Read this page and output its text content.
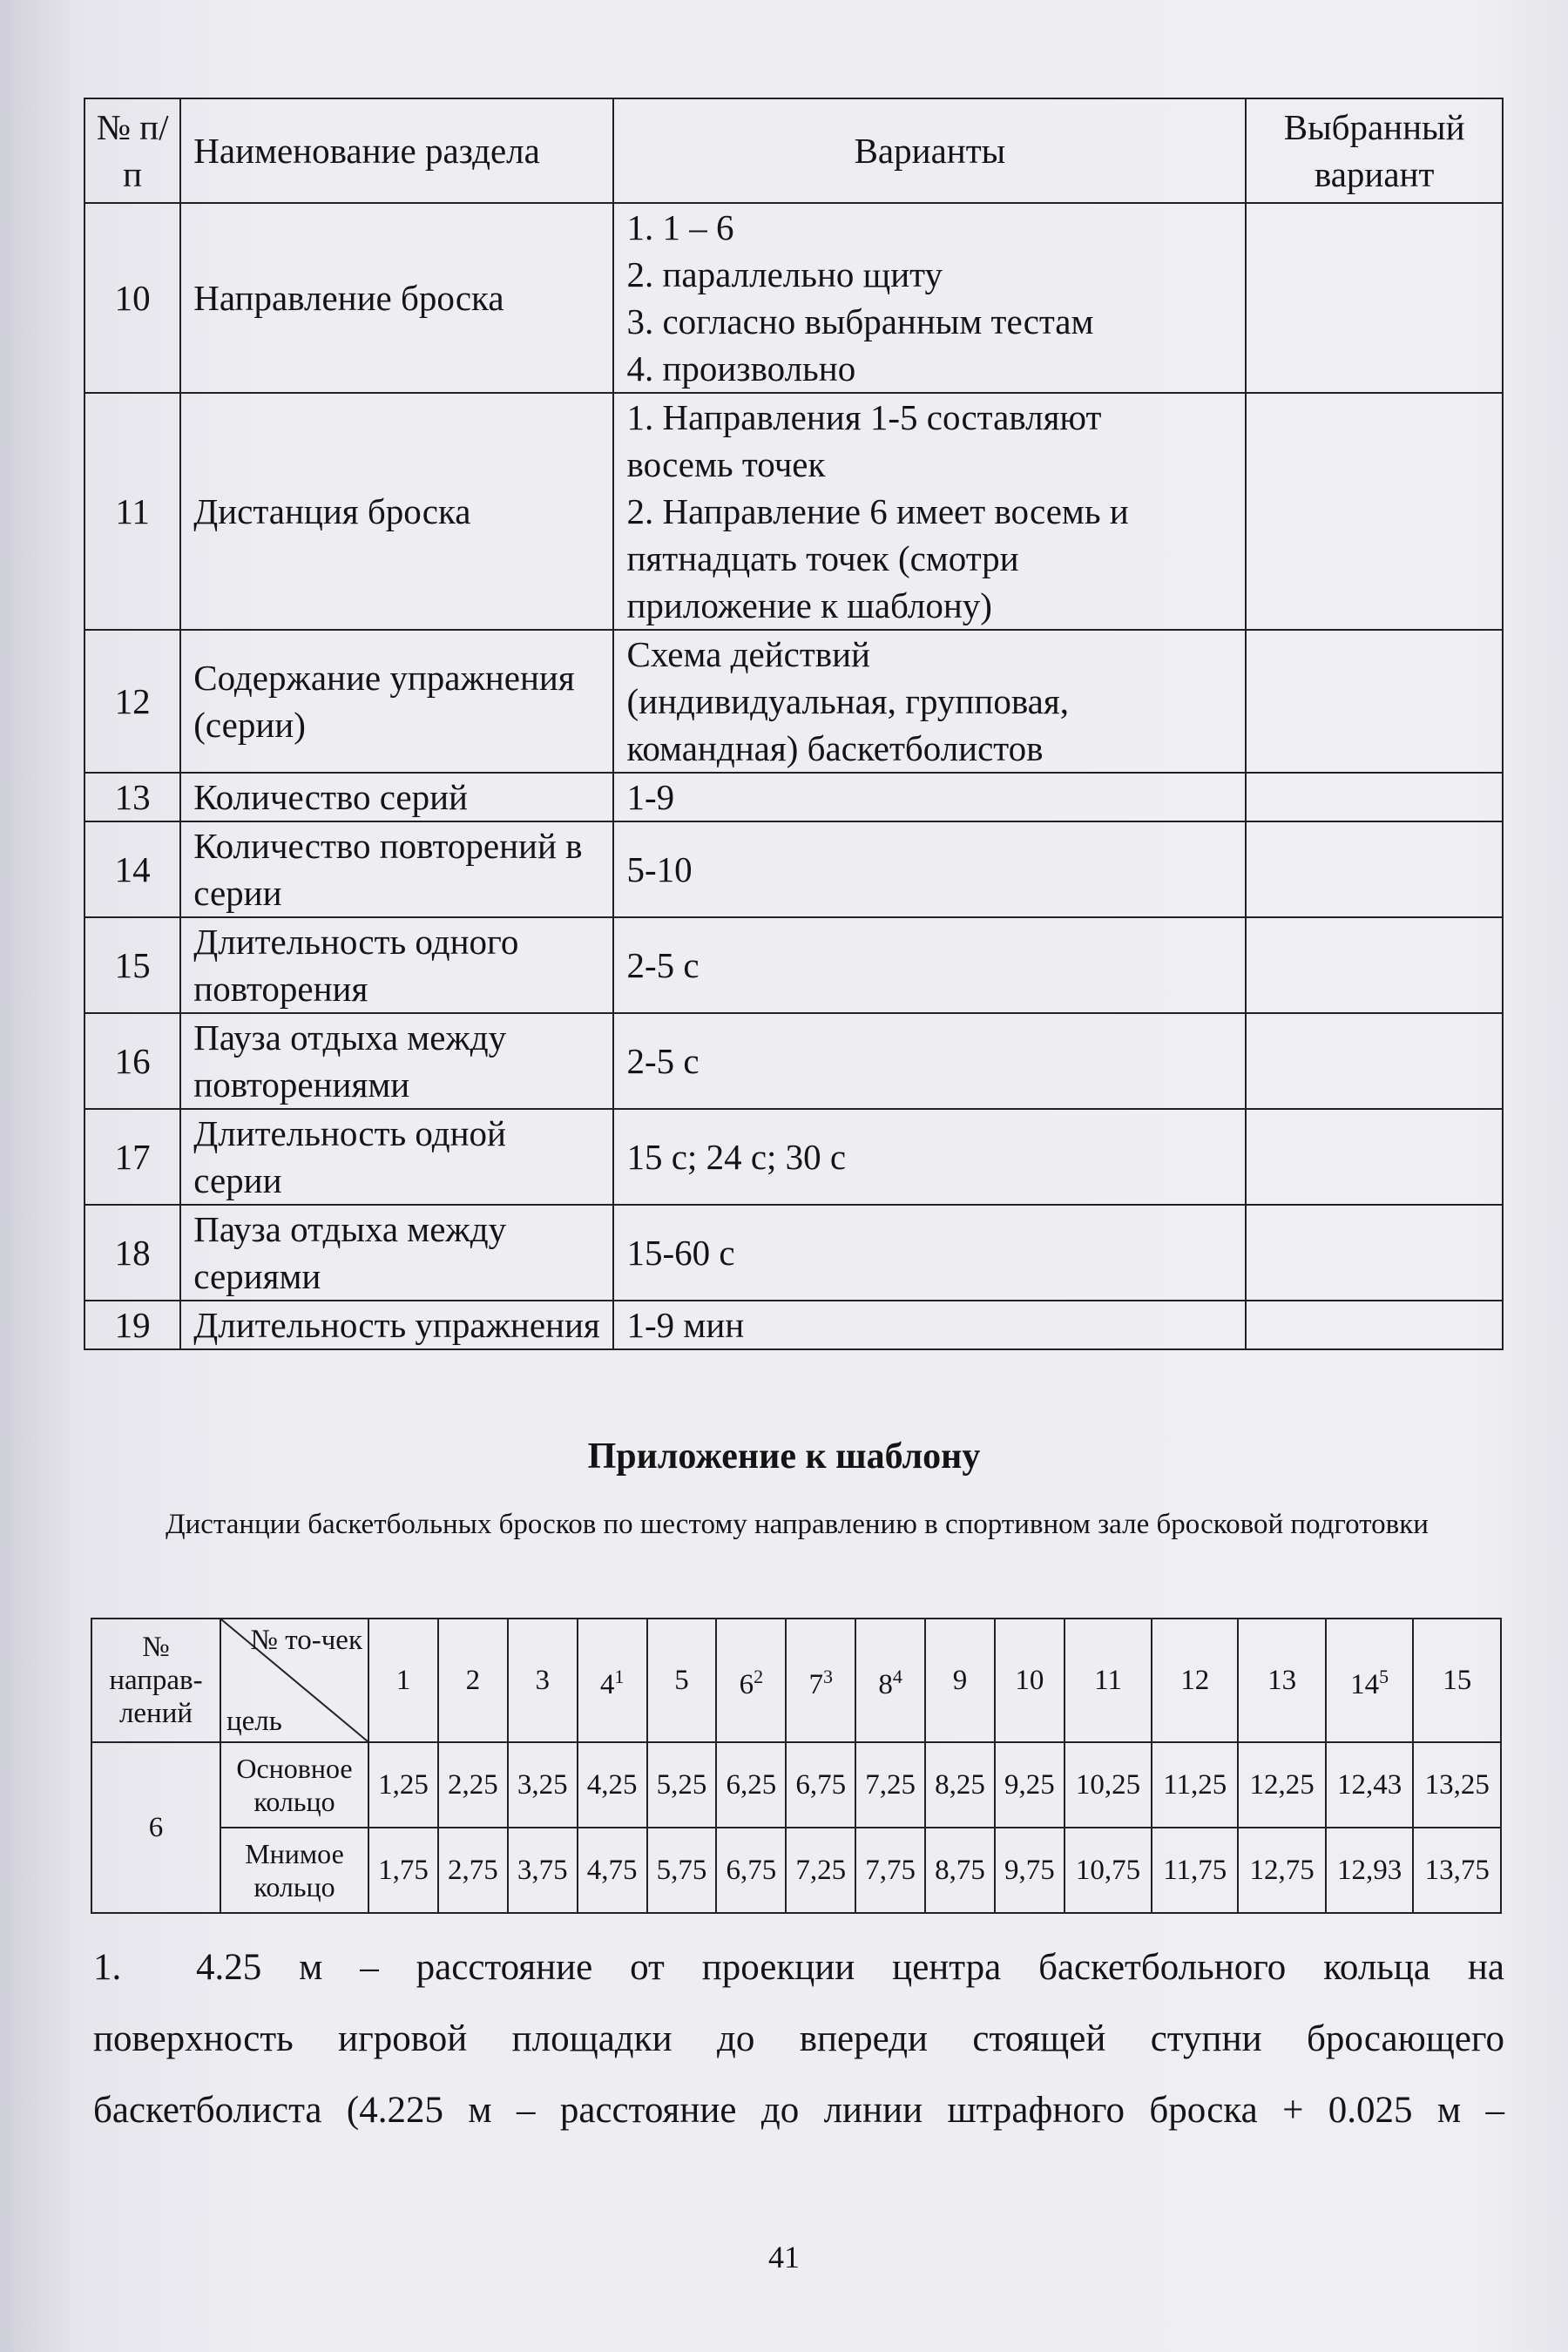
№ п/п	Наименование раздела	Варианты	Выбранный
вариант

10	Направление броска	1. 1 – 6
2. параллельно щиту
3. согласно выбранным тестам
4. произвольно	

11	Дистанция броска	1. Направления 1-5 составляют
восемь точек
2. Направление 6 имеет восемь и
пятнадцать точек (смотри
приложение к шаблону)	

12	Содержание упражнения (серии)	Схема действий
(индивидуальная, групповая,
командная) баскетболистов	

13	Количество серий	1-9	

14	Количество повторений в серии	5-10	

15	Длительность одного повторения	2-5 с	

16	Пауза отдыха между повторениями	2-5 с	

17	Длительность одной серии	15 с; 24 с; 30 с	

18	Пауза отдыха между сериями	15-60 с	

19	Длительность упражнения	1-9 мин	

Приложение к шаблону
Дистанции баскетбольных бросков по шестому направлению в спортивном зале бросковой подготовки
№ направ-лений	№ то-чек
цель	1	2	3	$4^1$	5	$6^2$	$7^3$	$8^4$	9	10	11	12	13	$14^5$	15
6	Основное кольцо	1,25	2,25	3,25	4,25	5,25	6,25	6,75	7,25	8,25	9,25	10,25	11,25	12,25	12,43	13,25
	Мнимое кольцо	1,75	2,75	3,75	4,75	5,75	6,75	7,25	7,75	8,75	9,75	10,75	11,75	12,75	12,93	13,75
1. 4.25 м – расстояние от проекции центра баскетбольного кольца на
поверхность игровой площадки до впереди стоящей ступни бросающего
баскетболиста (4.225 м – расстояние до линии штрафного броска + 0.025 м –
41
